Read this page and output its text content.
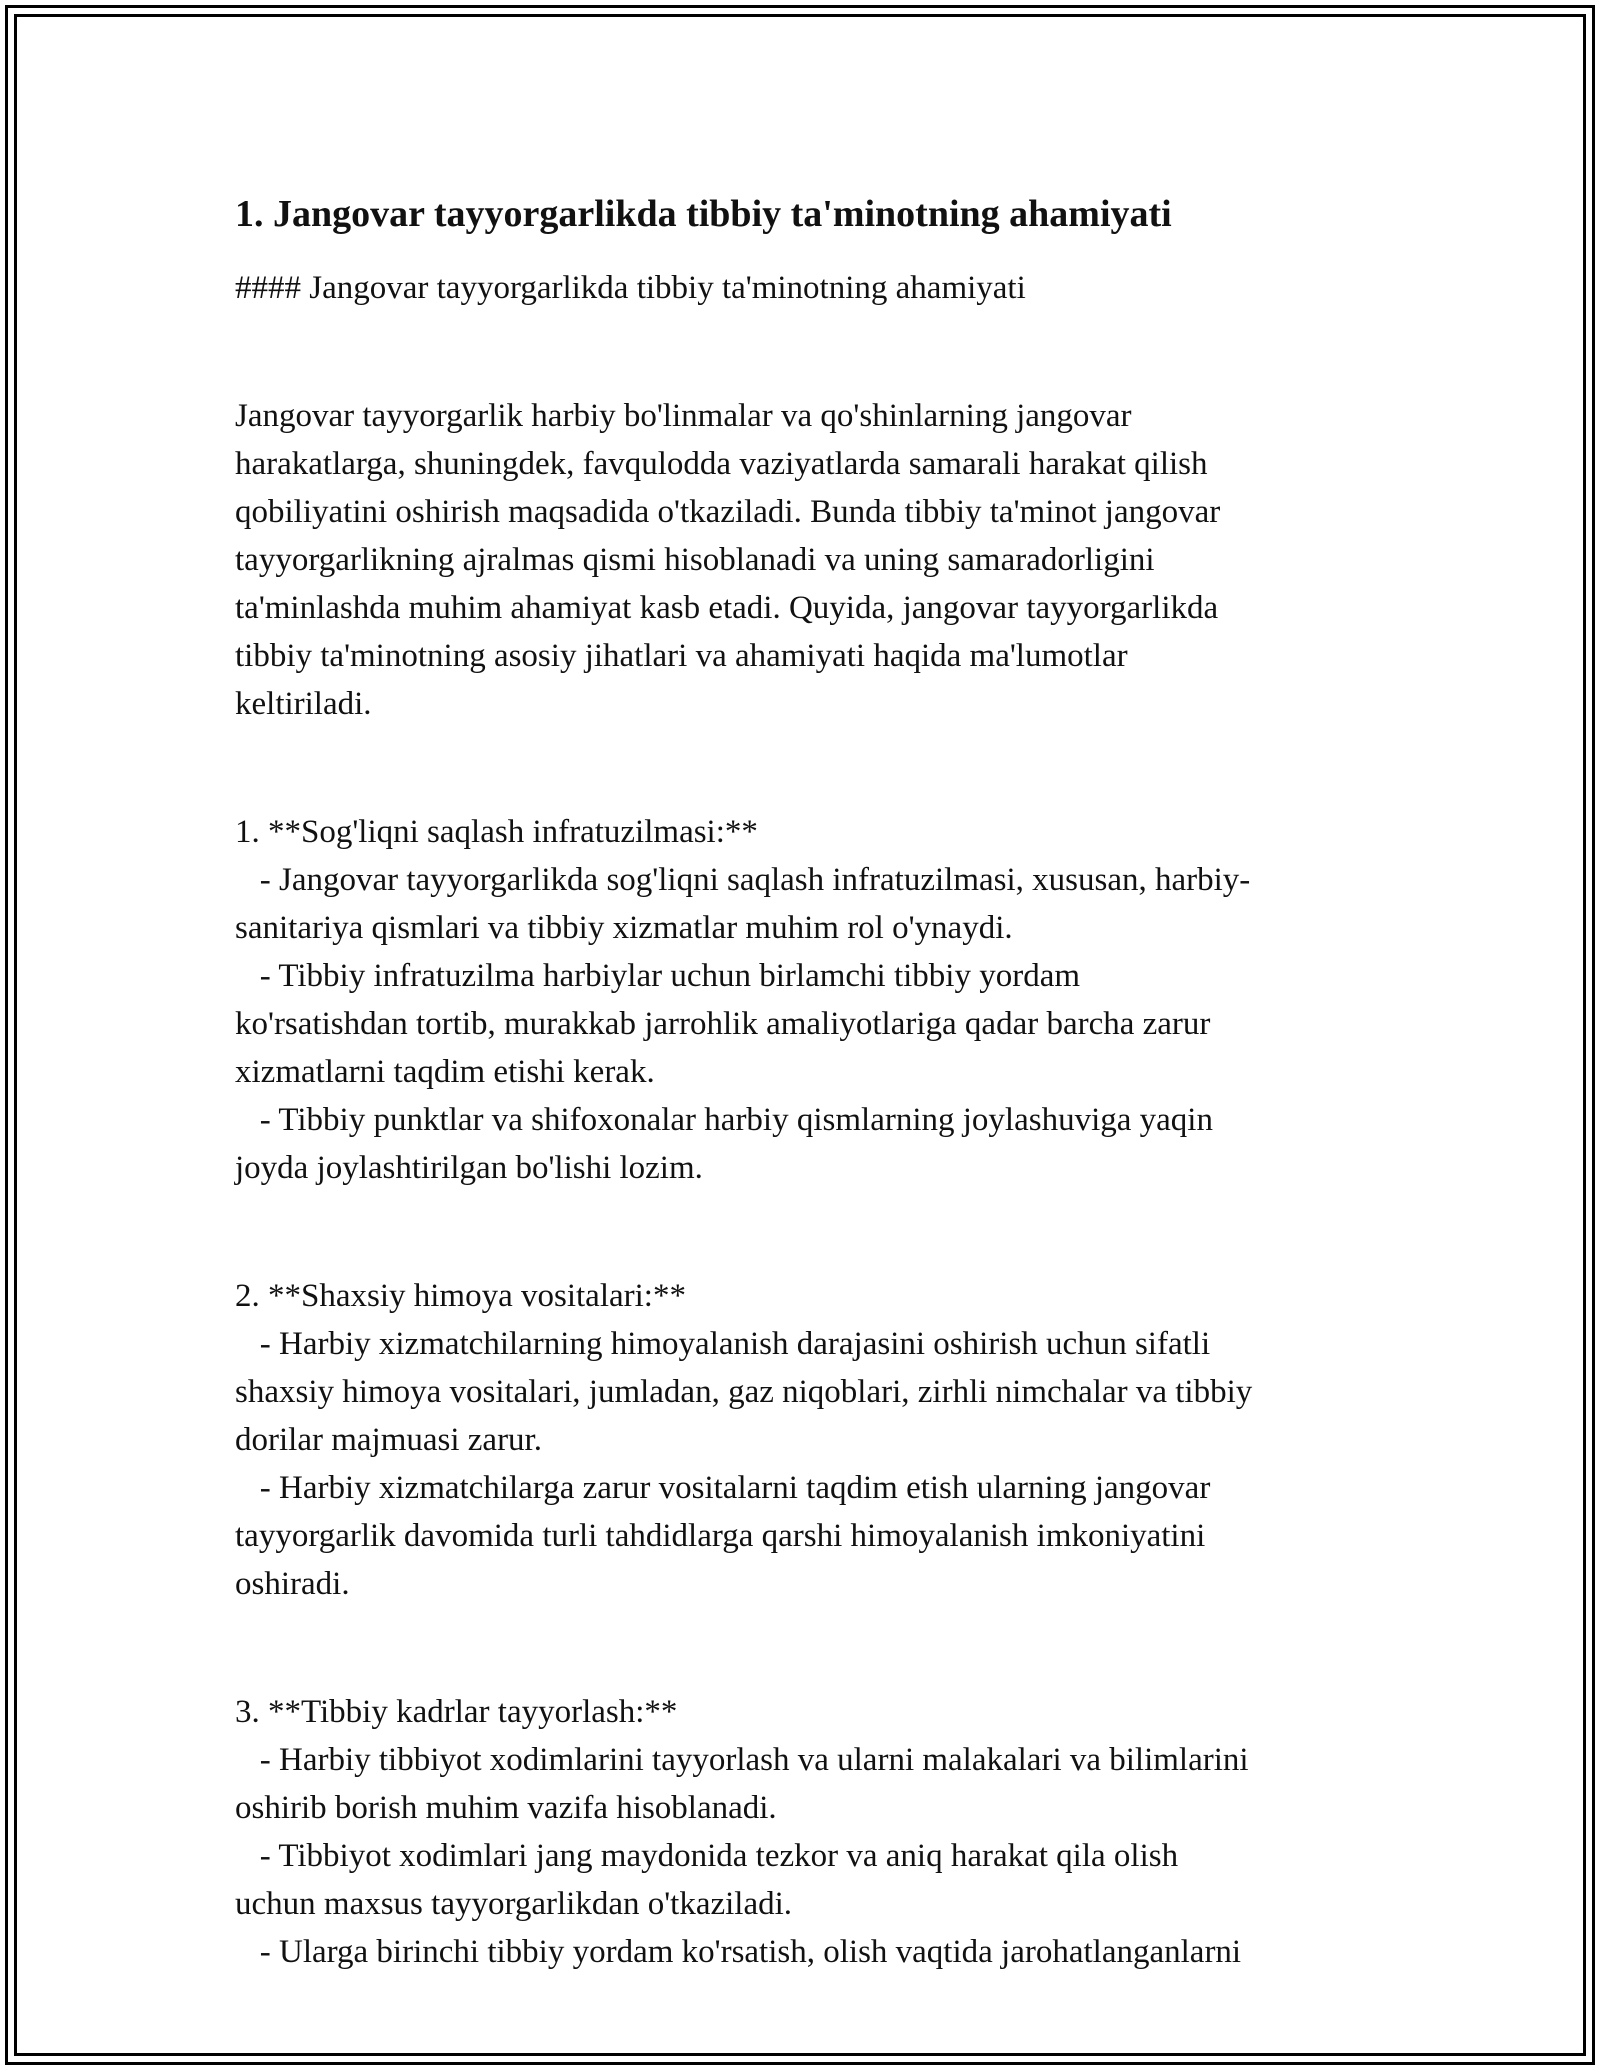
1. Jangovar tayyorgarlikda tibbiy ta'minotning ahamiyati

#### Jangovar tayyorgarlikda tibbiy ta'minotning ahamiyati

Jangovar tayyorgarlik harbiy bo'linmalar va qo'shinlarning jangovar

harakatlarga, shuningdek, favqulodda vaziyatlarda samarali harakat qilish

qobiliyatini oshirish maqsadida o'tkaziladi. Bunda tibbiy ta'minot jangovar

tayyorgarlikning ajralmas qismi hisoblanadi va uning samaradorligini

ta'minlashda muhim ahamiyat kasb etadi. Quyida, jangovar tayyorgarlikda

tibbiy ta'minotning asosiy jihatlari va ahamiyati haqida ma'lumotlar

keltiriladi.

1. **Sog'liqni saqlash infratuzilmasi:**

- Jangovar tayyorgarlikda sog'liqni saqlash infratuzilmasi, xususan, harbiy-

sanitariya qismlari va tibbiy xizmatlar muhim rol o'ynaydi.

- Tibbiy infratuzilma harbiylar uchun birlamchi tibbiy yordam

ko'rsatishdan tortib, murakkab jarrohlik amaliyotlariga qadar barcha zarur

xizmatlarni taqdim etishi kerak.

- Tibbiy punktlar va shifoxonalar harbiy qismlarning joylashuviga yaqin

joyda joylashtirilgan bo'lishi lozim.

2. **Shaxsiy himoya vositalari:**

- Harbiy xizmatchilarning himoyalanish darajasini oshirish uchun sifatli

shaxsiy himoya vositalari, jumladan, gaz niqoblari, zirhli nimchalar va tibbiy

dorilar majmuasi zarur.

- Harbiy xizmatchilarga zarur vositalarni taqdim etish ularning jangovar

tayyorgarlik davomida turli tahdidlarga qarshi himoyalanish imkoniyatini

oshiradi.

3. **Tibbiy kadrlar tayyorlash:**

- Harbiy tibbiyot xodimlarini tayyorlash va ularni malakalari va bilimlarini

oshirib borish muhim vazifa hisoblanadi.

- Tibbiyot xodimlari jang maydonida tezkor va aniq harakat qila olish

uchun maxsus tayyorgarlikdan o'tkaziladi.

- Ularga birinchi tibbiy yordam ko'rsatish, olish vaqtida jarohatlanganlarni
